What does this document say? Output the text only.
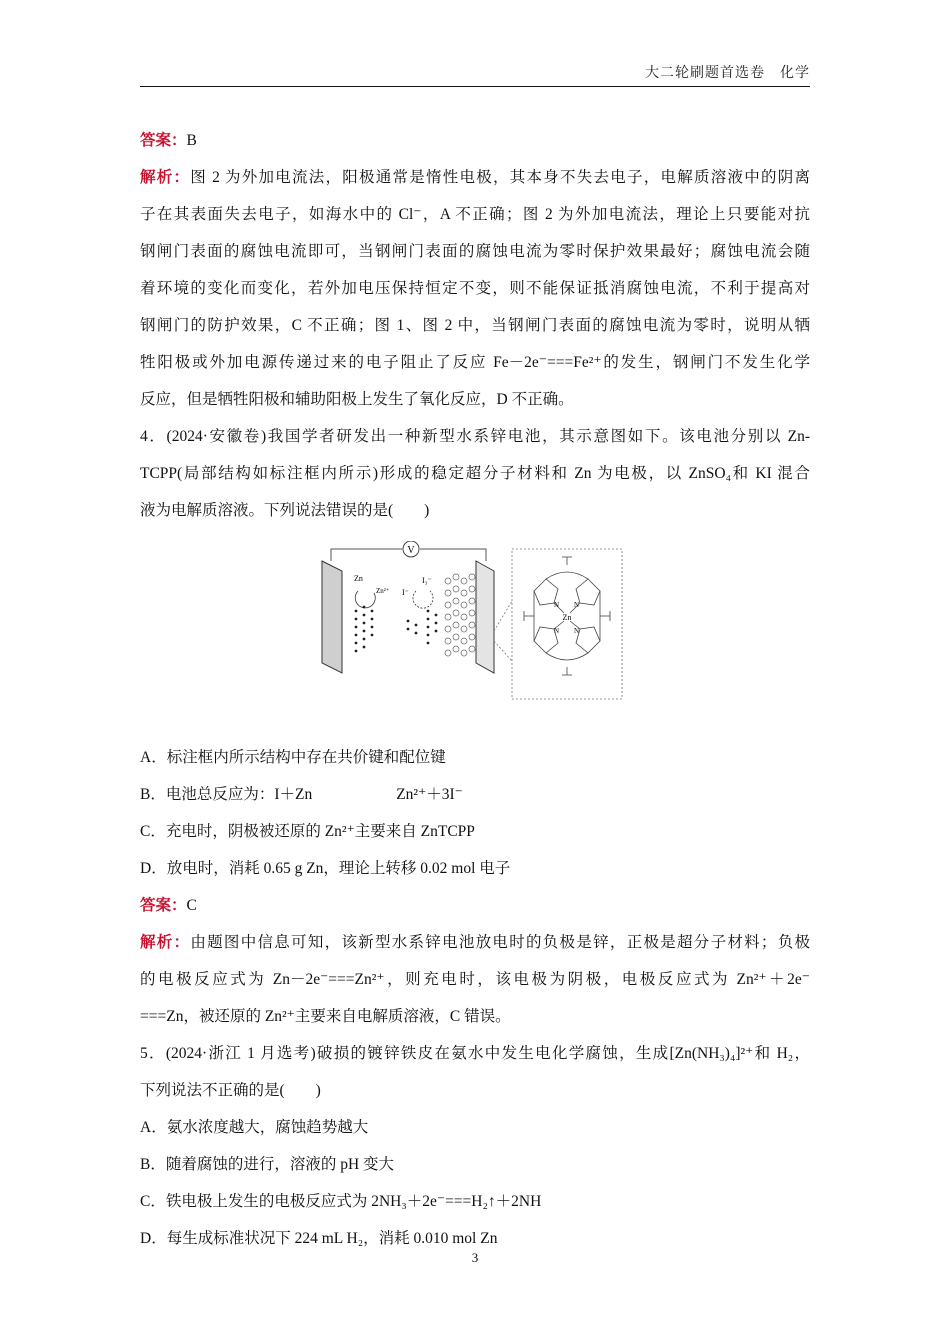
大二轮刷题首选卷　化学

答案：B

解析：图 2 为外加电流法，阳极通常是惰性电极，其本身不失去电子，电解质溶液中的阴离

子在其表面失去电子，如海水中的 Cl⁻，A 不正确；图 2 为外加电流法，理论上只要能对抗

钢闸门表面的腐蚀电流即可，当钢闸门表面的腐蚀电流为零时保护效果最好；腐蚀电流会随

着环境的变化而变化，若外加电压保持恒定不变，则不能保证抵消腐蚀电流，不利于提高对

钢闸门的防护效果，C 不正确；图 1、图 2 中，当钢闸门表面的腐蚀电流为零时，说明从牺

牲阳极或外加电源传递过来的电子阻止了反应 Fe－2e⁻===Fe²⁺的发生，钢闸门不发生化学

反应，但是牺牲阳极和辅助阳极上发生了氧化反应，D 不正确。

4．(2024·安徽卷)我国学者研发出一种新型水系锌电池，其示意图如下。该电池分别以 Zn-

TCPP(局部结构如标注框内所示)形成的稳定超分子材料和 Zn 为电极，以 ZnSO₄和 KI 混合

液为电解质溶液。下列说法错误的是(　　)

V
Zn
Zn²⁺ I⁻
I₃⁻
N N
N N
Zn

A．标注框内所示结构中存在共价键和配位键

B．电池总反应为：I＋Zn	Zn²⁺＋3I⁻

C．充电时，阴极被还原的 Zn²⁺主要来自 ZnTCPP

D．放电时，消耗 0.65 g Zn，理论上转移 0.02 mol 电子

答案：C

解析：由题图中信息可知，该新型水系锌电池放电时的负极是锌，正极是超分子材料；负极

的电极反应式为 Zn－2e⁻===Zn²⁺，则充电时，该电极为阴极，电极反应式为 Zn²⁺＋2e⁻

===Zn，被还原的 Zn²⁺主要来自电解质溶液，C 错误。

5．(2024·浙江 1 月选考)破损的镀锌铁皮在氨水中发生电化学腐蚀，生成[Zn(NH₃)₄]²⁺和 H₂，

下列说法不正确的是(　　)

A．氨水浓度越大，腐蚀趋势越大

B．随着腐蚀的进行，溶液的 pH 变大

C．铁电极上发生的电极反应式为 2NH₃＋2e⁻===H₂↑＋2NH

D．每生成标准状况下 224 mL H₂，消耗 0.010 mol Zn

3
